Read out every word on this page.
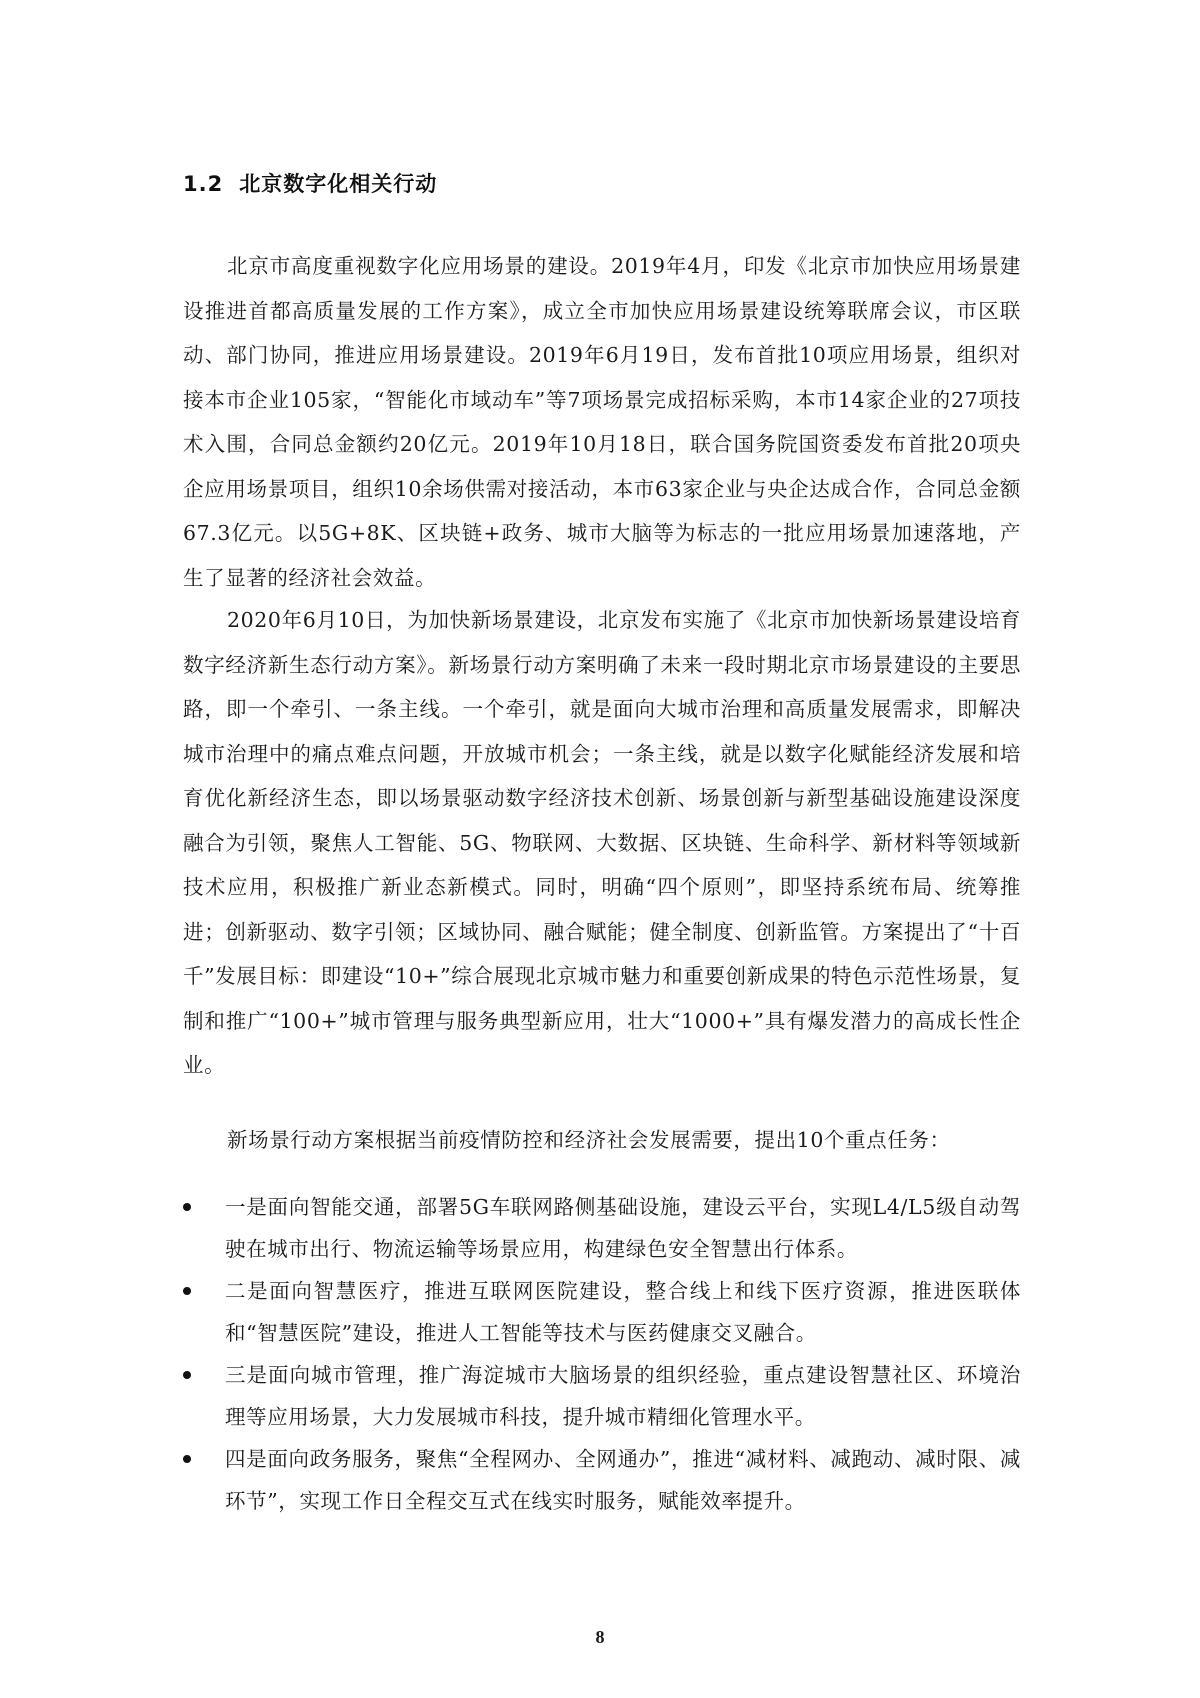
1.2 北京数字化相关行动

北京市高度重视数字化应用场景的建设。2019年4月，印发《北京市加快应用场景建设推进首都高质量发展的工作方案》，成立全市加快应用场景建设统筹联席会议，市区联动、部门协同，推进应用场景建设。2019年6月19日，发布首批10项应用场景，组织对接本市企业105家，“智能化市域动车”等7项场景完成招标采购，本市14家企业的27项技术入围，合同总金额约20亿元。2019年10月18日，联合国务院国资委发布首批20项央企应用场景项目，组织10余场供需对接活动，本市63家企业与央企达成合作，合同总金额67.3亿元。以5G+8K、区块链+政务、城市大脑等为标志的一批应用场景加速落地，产生了显著的经济社会效益。

2020年6月10日，为加快新场景建设，北京发布实施了《北京市加快新场景建设培育数字经济新生态行动方案》。新场景行动方案明确了未来一段时期北京市场景建设的主要思路，即一个牵引、一条主线。一个牵引，就是面向大城市治理和高质量发展需求，即解决城市治理中的痛点难点问题，开放城市机会；一条主线，就是以数字化赋能经济发展和培育优化新经济生态，即以场景驱动数字经济技术创新、场景创新与新型基础设施建设深度融合为引领，聚焦人工智能、5G、物联网、大数据、区块链、生命科学、新材料等领域新技术应用，积极推广新业态新模式。同时，明确“四个原则”，即坚持系统布局、统筹推进；创新驱动、数字引领；区域协同、融合赋能；健全制度、创新监管。方案提出了“十百千”发展目标：即建设“10+”综合展现北京城市魅力和重要创新成果的特色示范性场景，复制和推广“100+”城市管理与服务典型新应用，壮大“1000+”具有爆发潜力的高成长性企业。

新场景行动方案根据当前疫情防控和经济社会发展需要，提出10个重点任务：

一是面向智能交通，部署5G车联网路侧基础设施，建设云平台，实现L4/L5级自动驾驶在城市出行、物流运输等场景应用，构建绿色安全智慧出行体系。
二是面向智慧医疗，推进互联网医院建设，整合线上和线下医疗资源，推进医联体和“智慧医院”建设，推进人工智能等技术与医药健康交叉融合。
三是面向城市管理，推广海淀城市大脑场景的组织经验，重点建设智慧社区、环境治理等应用场景，大力发展城市科技，提升城市精细化管理水平。
四是面向政务服务，聚焦“全程网办、全网通办”，推进“减材料、减跑动、减时限、减环节”，实现工作日全程交互式在线实时服务，赋能效率提升。
8
